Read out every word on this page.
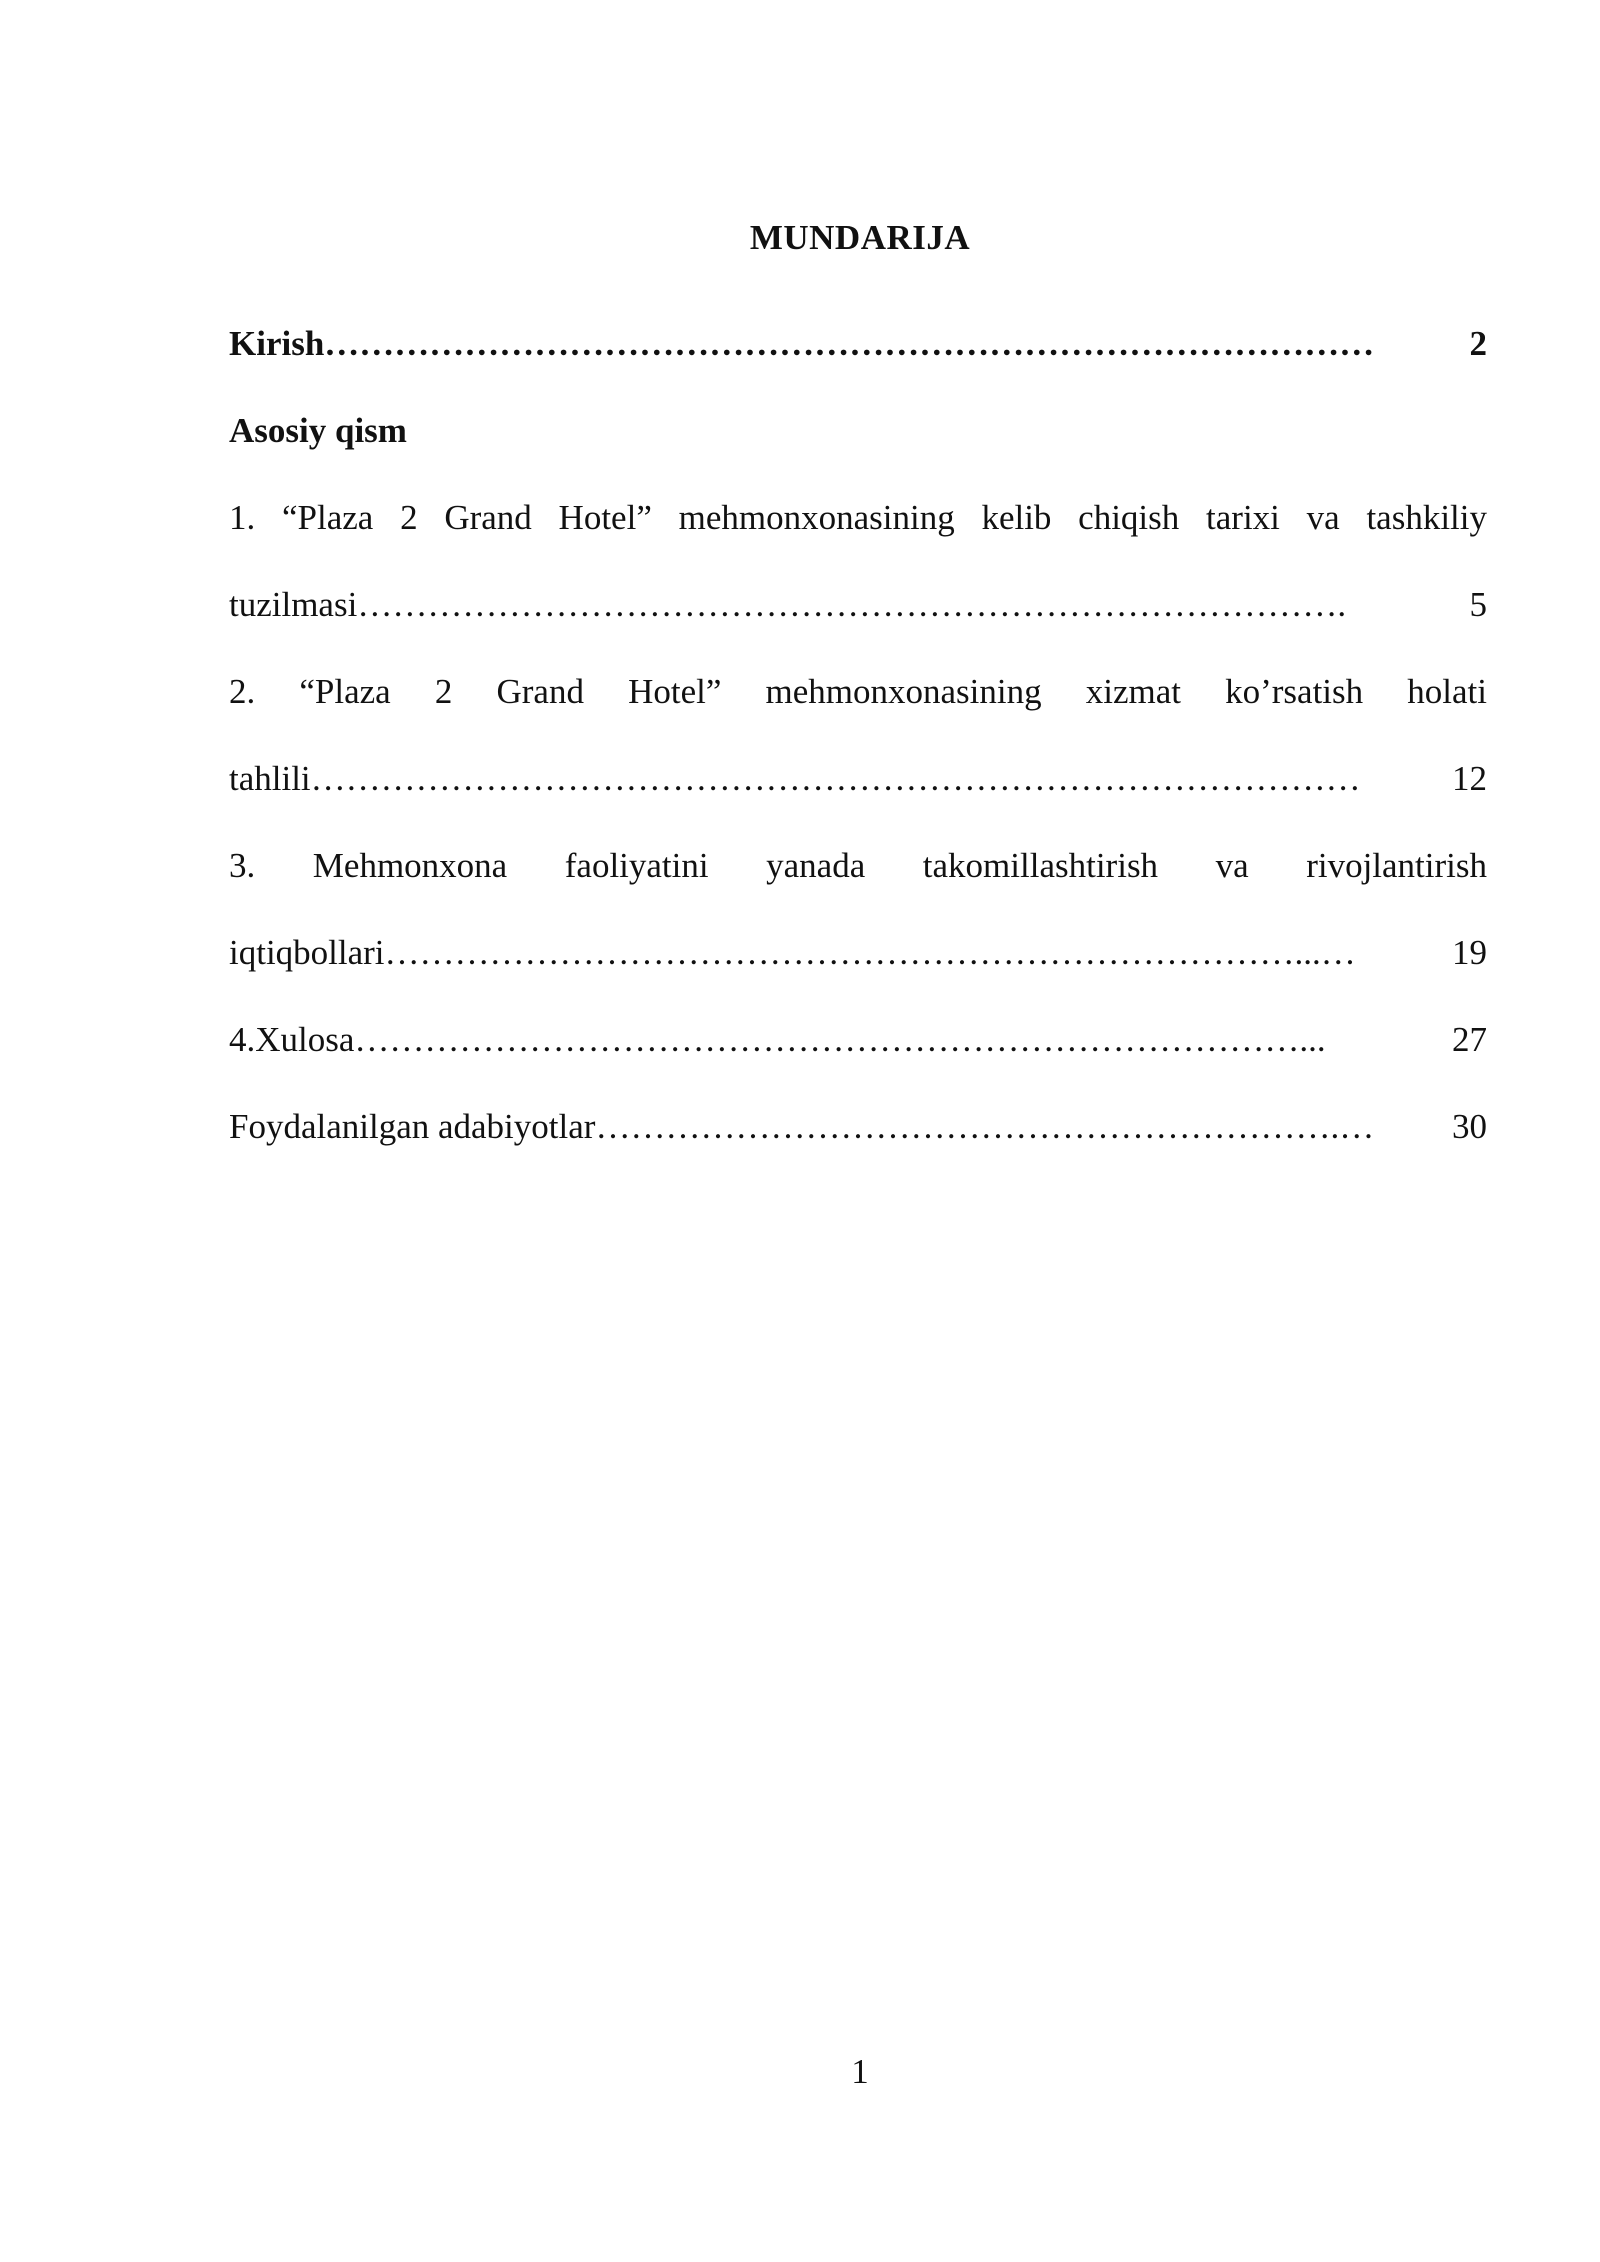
MUNDARIJA
Kirish ………………………………………………………………………………	2
Asosiy qism
1. “Plaza 2 Grand Hotel” mehmonxonasining kelib chiqish tarixi va tashkiliy
tuzilmasi ………………………………………………………………………….	5
2. “Plaza 2 Grand Hotel” mehmonxonasining xizmat ko’rsatish holati
tahlili ………………………………………………………………………………	12
3. Mehmonxona faoliyatini yanada takomillashtirish va rivojlantirish
iqtiqbollari ……………………………………………………………………...…	19
4.Xulosa ………………………………………………………………………...	27
Foydalanilgan adabiyotlar ……………………………………………………….…	30
1
